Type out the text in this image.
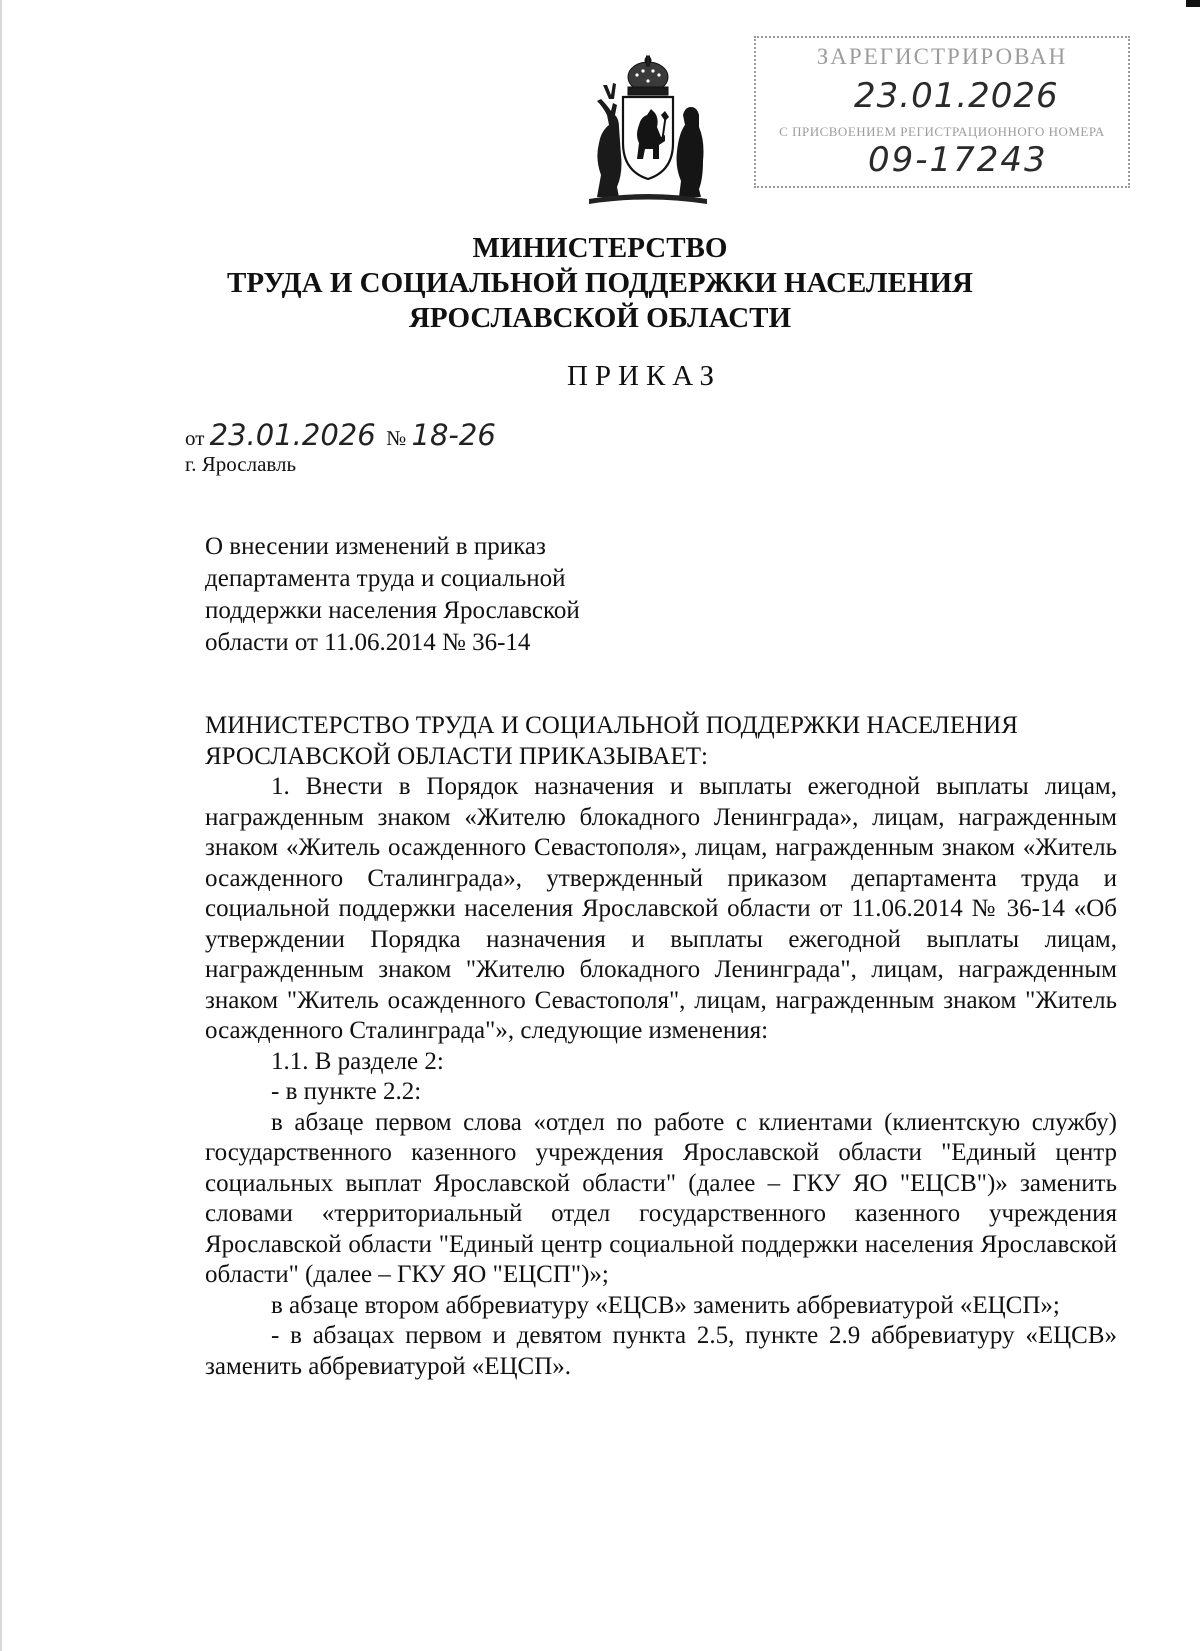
ЗАРЕГИСТРИРОВАН
23.01.2026
С ПРИСВОЕНИЕМ РЕГИСТРАЦИОННОГО НОМЕРА
09-17243
МИНИСТЕРСТВО
ТРУДА И СОЦИАЛЬНОЙ ПОДДЕРЖКИ НАСЕЛЕНИЯ
ЯРОСЛАВСКОЙ ОБЛАСТИ
ПРИКАЗ
от 23.01.2026 № 18-26
г. Ярославль
О внесении изменений в приказ
департамента труда и социальной
поддержки населения Ярославской
области от 11.06.2014 № 36-14

МИНИСТЕРСТВО ТРУДА И СОЦИАЛЬНОЙ ПОДДЕРЖКИ НАСЕЛЕНИЯ ЯРОСЛАВСКОЙ ОБЛАСТИ ПРИКАЗЫВАЕТ:

1. Внести в Порядок назначения и выплаты ежегодной выплаты лицам, награжденным знаком «Жителю блокадного Ленинграда», лицам, награжденным знаком «Житель осажденного Севастополя», лицам, награжденным знаком «Житель осажденного Сталинграда», утвержденный приказом департамента труда и социальной поддержки населения Ярославской области от 11.06.2014 № 36-14 «Об утверждении Порядка назначения и выплаты ежегодной выплаты лицам, награжденным знаком "Жителю блокадного Ленинграда", лицам, награжденным знаком "Житель осажденного Севастополя", лицам, награжденным знаком "Житель осажденного Сталинграда"», следующие изменения:

1.1. В разделе 2:

- в пункте 2.2:

в абзаце первом слова «отдел по работе с клиентами (клиентскую службу) государственного казенного учреждения Ярославской области "Единый центр социальных выплат Ярославской области" (далее – ГКУ ЯО "ЕЦСВ")» заменить словами «территориальный отдел государственного казенного учреждения Ярославской области "Единый центр социальной поддержки населения Ярославской области" (далее – ГКУ ЯО "ЕЦСП")»;

в абзаце втором аббревиатуру «ЕЦСВ» заменить аббревиатурой «ЕЦСП»;

- в абзацах первом и девятом пункта 2.5, пункте 2.9 аббревиатуру «ЕЦСВ» заменить аббревиатурой «ЕЦСП».
